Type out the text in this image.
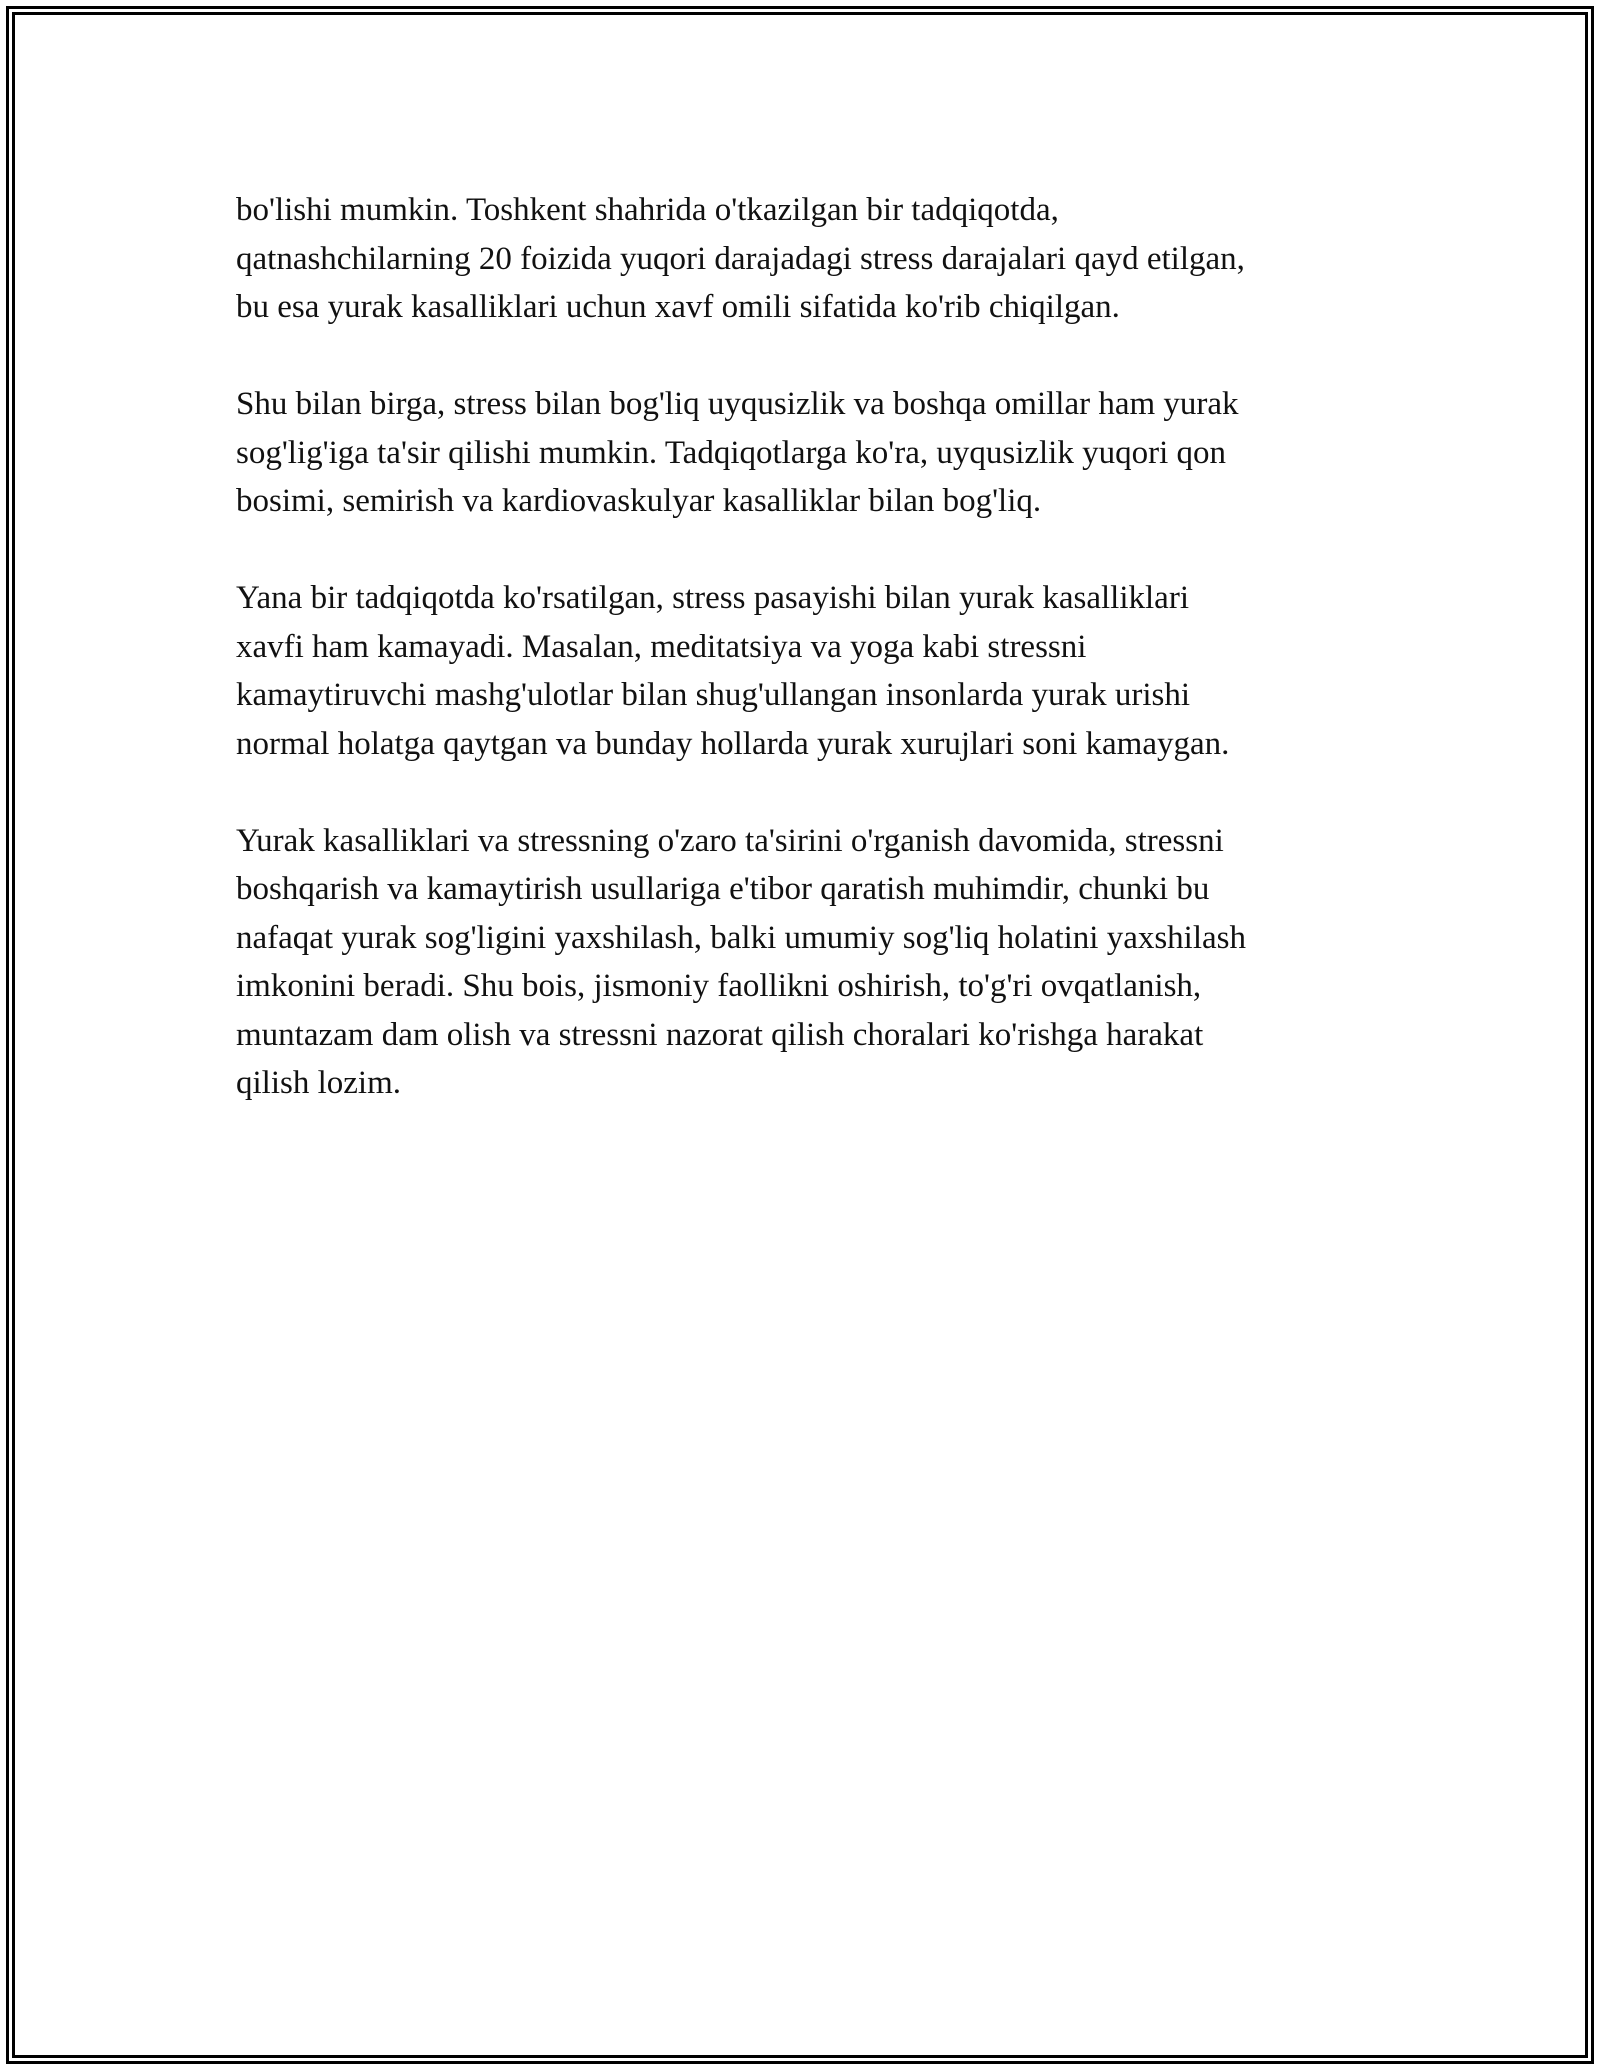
bo'lishi mumkin. Toshkent shahrida o'tkazilgan bir tadqiqotda,
qatnashchilarning 20 foizida yuqori darajadagi stress darajalari qayd etilgan,
bu esa yurak kasalliklari uchun xavf omili sifatida ko'rib chiqilgan.

Shu bilan birga, stress bilan bog'liq uyqusizlik va boshqa omillar ham yurak
sog'lig'iga ta'sir qilishi mumkin. Tadqiqotlarga ko'ra, uyqusizlik yuqori qon
bosimi, semirish va kardiovaskulyar kasalliklar bilan bog'liq.

Yana bir tadqiqotda ko'rsatilgan, stress pasayishi bilan yurak kasalliklari
xavfi ham kamayadi. Masalan, meditatsiya va yoga kabi stressni
kamaytiruvchi mashg'ulotlar bilan shug'ullangan insonlarda yurak urishi
normal holatga qaytgan va bunday hollarda yurak xurujlari soni kamaygan.

Yurak kasalliklari va stressning o'zaro ta'sirini o'rganish davomida, stressni
boshqarish va kamaytirish usullariga e'tibor qaratish muhimdir, chunki bu
nafaqat yurak sog'ligini yaxshilash, balki umumiy sog'liq holatini yaxshilash
imkonini beradi. Shu bois, jismoniy faollikni oshirish, to'g'ri ovqatlanish,
muntazam dam olish va stressni nazorat qilish choralari ko'rishga harakat
qilish lozim.
